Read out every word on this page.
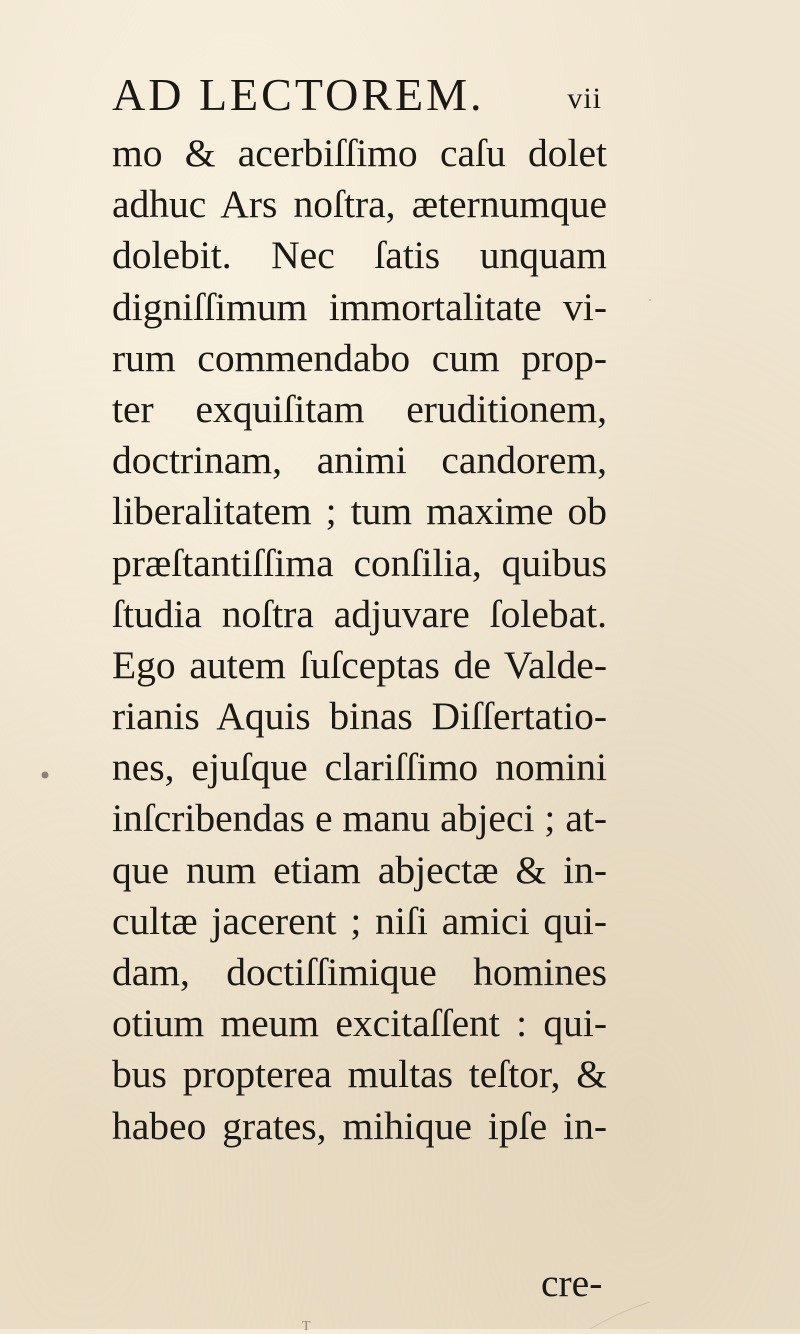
AD LECTOREM.	vii
mo & acerbiſſimo caſu dolet
adhuc Ars noſtra, æternumque
dolebit. Nec ſatis unquam
digniſſimum immortalitate vi-
rum commendabo cum prop-
ter exquiſitam eruditionem,
doctrinam, animi candorem,
liberalitatem ; tum maxime ob
præſtantiſſima conſilia, quibus
ſtudia noſtra adjuvare ſolebat.
Ego autem ſuſceptas de Valde-
rianis Aquis binas Diſſertatio-
nes, ejuſque clariſſimo nomini
inſcribendas e manu abjeci ; at-
que num etiam abjectæ & in-
cultæ jacerent ; niſi amici qui-
dam, doctiſſimique homines
otium meum excitaſſent : qui-
bus propterea multas teſtor, &
habeo grates, mihique ipſe in-
cre-
T
